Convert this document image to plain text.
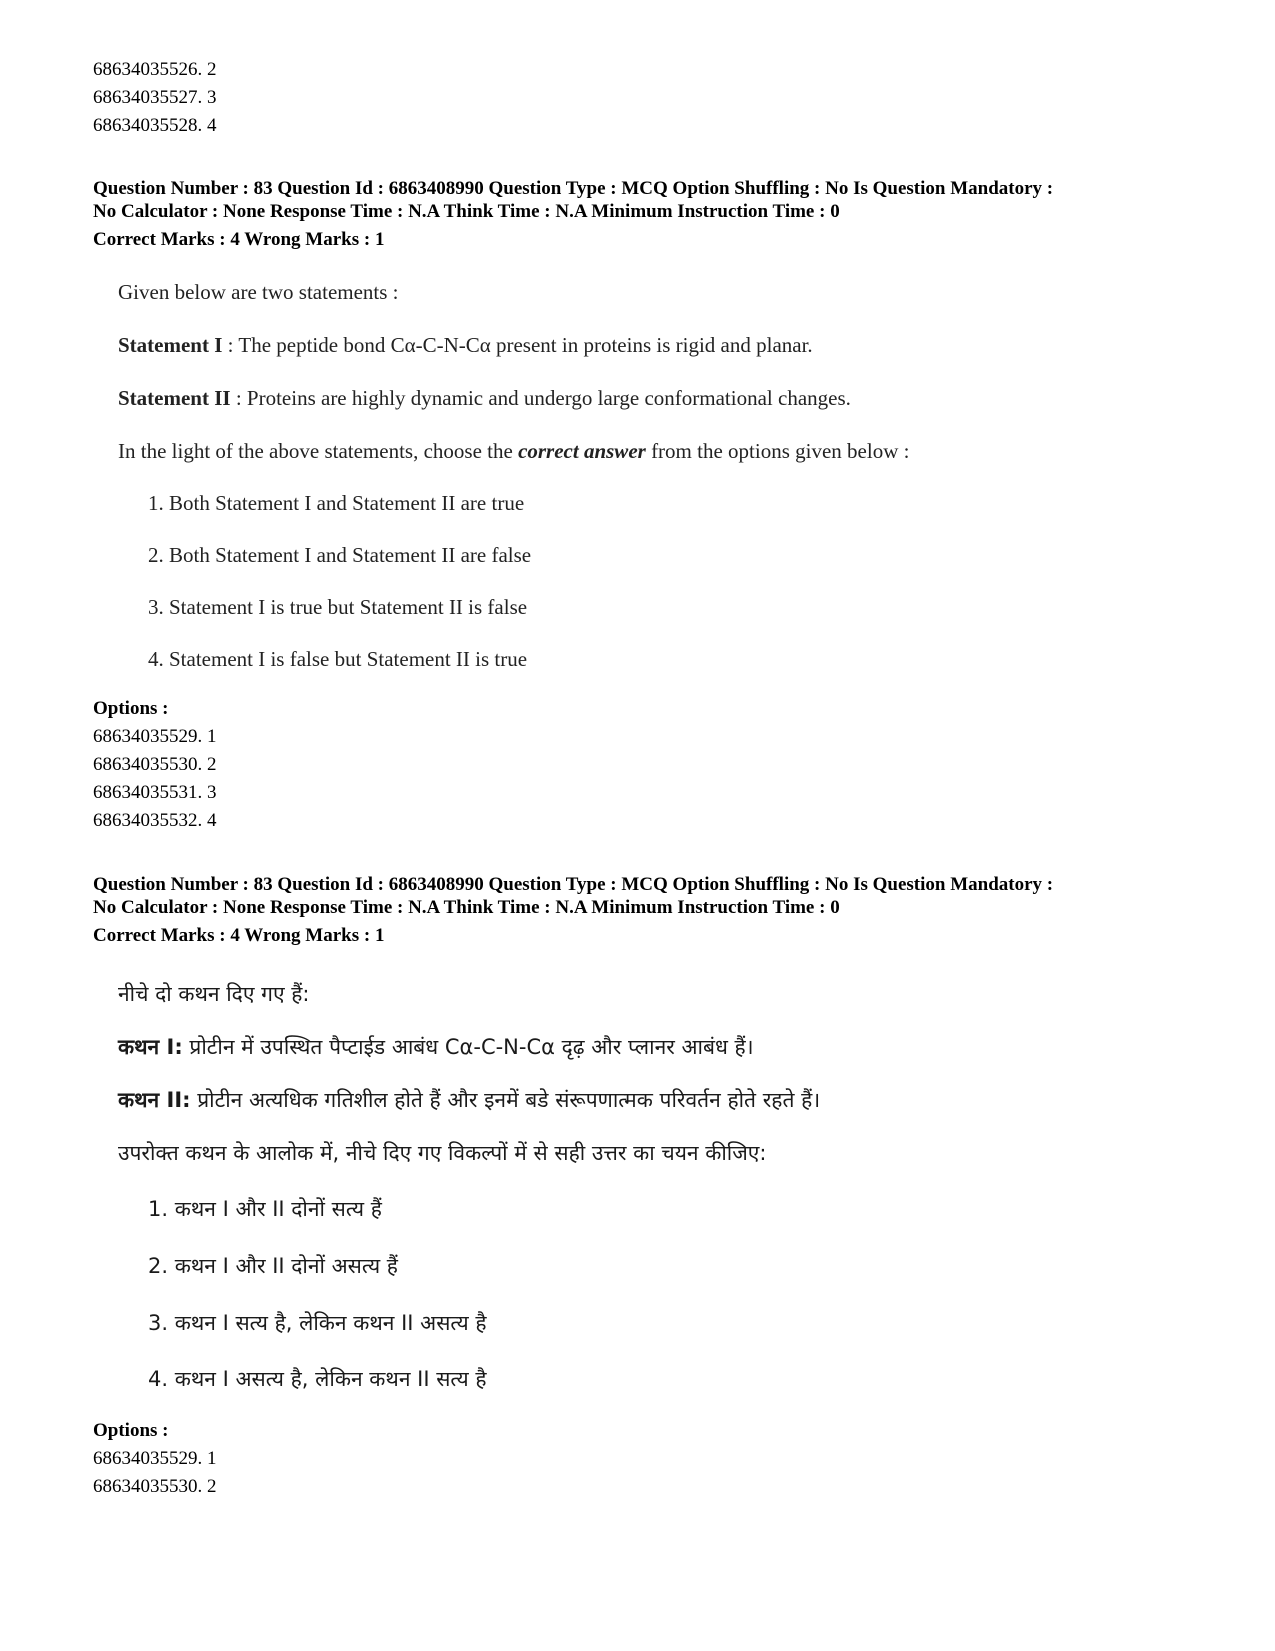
68634035526. 2
68634035527. 3
68634035528. 4
Question Number : 83 Question Id : 6863408990 Question Type : MCQ Option Shuffling : No Is Question Mandatory :
No Calculator : None Response Time : N.A Think Time : N.A Minimum Instruction Time : 0
Correct Marks : 4 Wrong Marks : 1
Given below are two statements :
Statement I : The peptide bond Cα-C-N-Cα present in proteins is rigid and planar.
Statement II : Proteins are highly dynamic and undergo large conformational changes.
In the light of the above statements, choose the correct answer from the options given below :
1. Both Statement I and Statement II are true
2. Both Statement I and Statement II are false
3. Statement I is true but Statement II is false
4. Statement I is false but Statement II is true
Options :
68634035529. 1
68634035530. 2
68634035531. 3
68634035532. 4
Question Number : 83 Question Id : 6863408990 Question Type : MCQ Option Shuffling : No Is Question Mandatory :
No Calculator : None Response Time : N.A Think Time : N.A Minimum Instruction Time : 0
Correct Marks : 4 Wrong Marks : 1
नीचे दो कथन दिए गए हैं:
कथन I: प्रोटीन में उपस्थित पैप्टाईड आबंध Cα-C-N-Cα दृढ़ और प्लानर आबंध हैं।
कथन II: प्रोटीन अत्यधिक गतिशील होते हैं और इनमें बडे संरूपणात्मक परिवर्तन होते रहते हैं।
उपरोक्त कथन के आलोक में, नीचे दिए गए विकल्पों में से सही उत्तर का चयन कीजिए:
1. कथन I और II दोनों सत्य हैं
2. कथन I और II दोनों असत्य हैं
3. कथन I सत्य है, लेकिन कथन II असत्य है
4. कथन I असत्य है, लेकिन कथन II सत्य है
Options :
68634035529. 1
68634035530. 2
